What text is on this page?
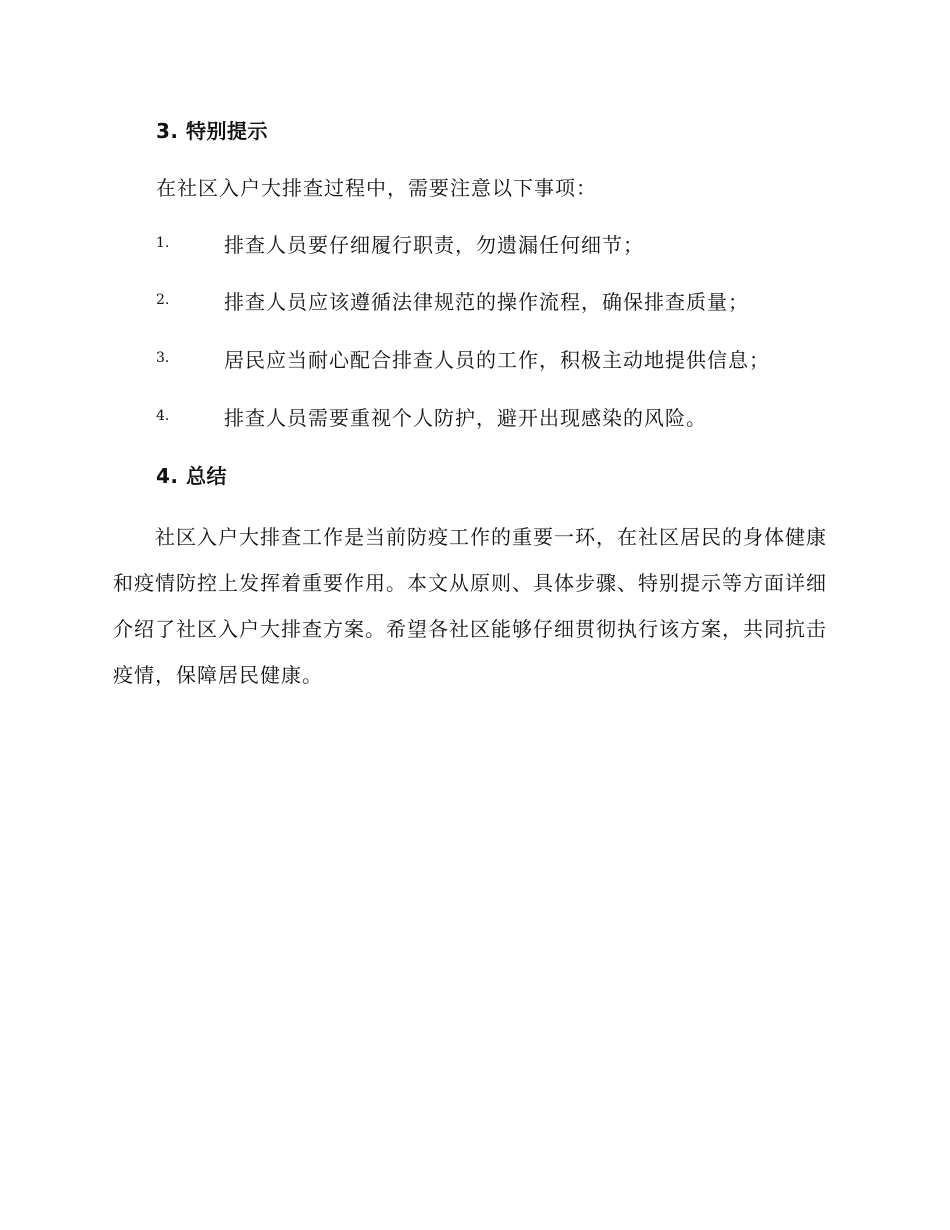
3. 特别提示
在社区入户大排查过程中，需要注意以下事项：
1.	排查人员要仔细履行职责，勿遗漏任何细节；
2.	排查人员应该遵循法律规范的操作流程，确保排查质量；
3.	居民应当耐心配合排查人员的工作，积极主动地提供信息；
4.	排查人员需要重视个人防护，避开出现感染的风险。
4. 总结

社区入户大排查工作是当前防疫工作的重要一环，在社区居民的身体健康和疫情防控上发挥着重要作用。本文从原则、具体步骤、特别提示等方面详细介绍了社区入户大排查方案。希望各社区能够仔细贯彻执行该方案，共同抗击疫情，保障居民健康。
